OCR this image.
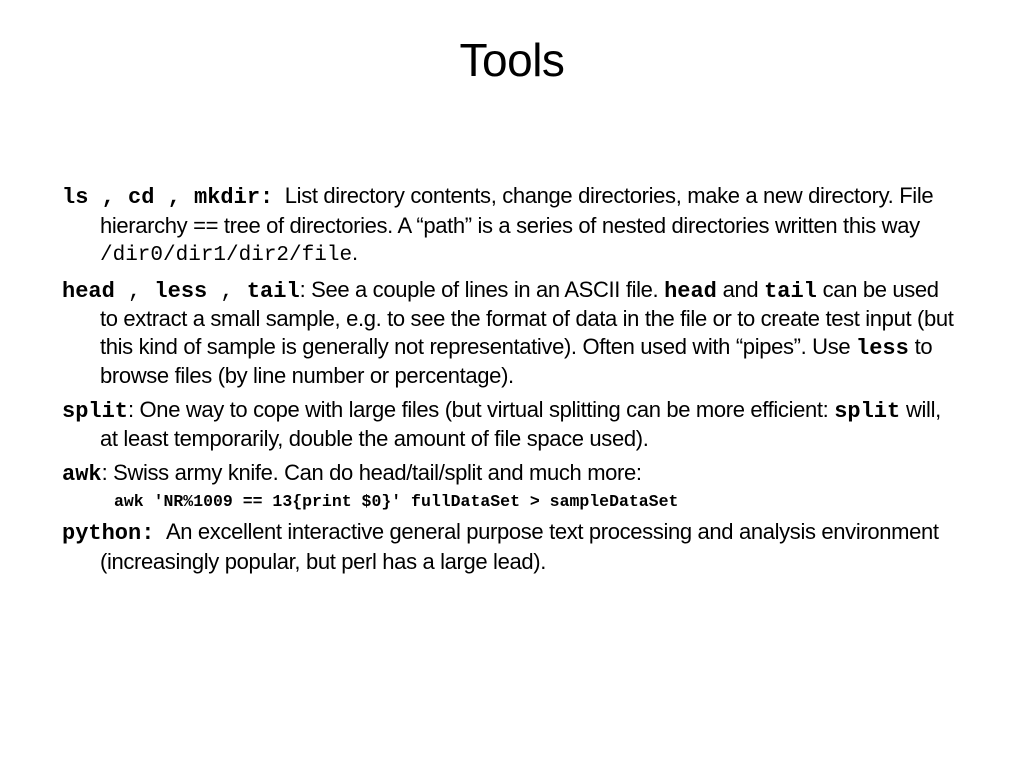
Tools

ls , cd , mkdir: List directory contents, change directories, make a new directory. File hierarchy == tree of directories. A “path” is a series of nested directories written this way /dir0/dir1/dir2/file.

head , less , tail: See a couple of lines in an ASCII file. head and tail can be used to extract a small sample, e.g. to see the format of data in the file or to create test input (but this kind of sample is generally not representative). Often used with “pipes”. Use less to browse files (by line number or percentage).

split: One way to cope with large files (but virtual splitting can be more efficient: split will, at least temporarily, double the amount of file space used).

awk: Swiss army knife. Can do head/tail/split and much more:

awk 'NR%1009 == 13{print $0}' fullDataSet > sampleDataSet

python: An excellent interactive general purpose text processing and analysis environment (increasingly popular, but perl has a large lead).
